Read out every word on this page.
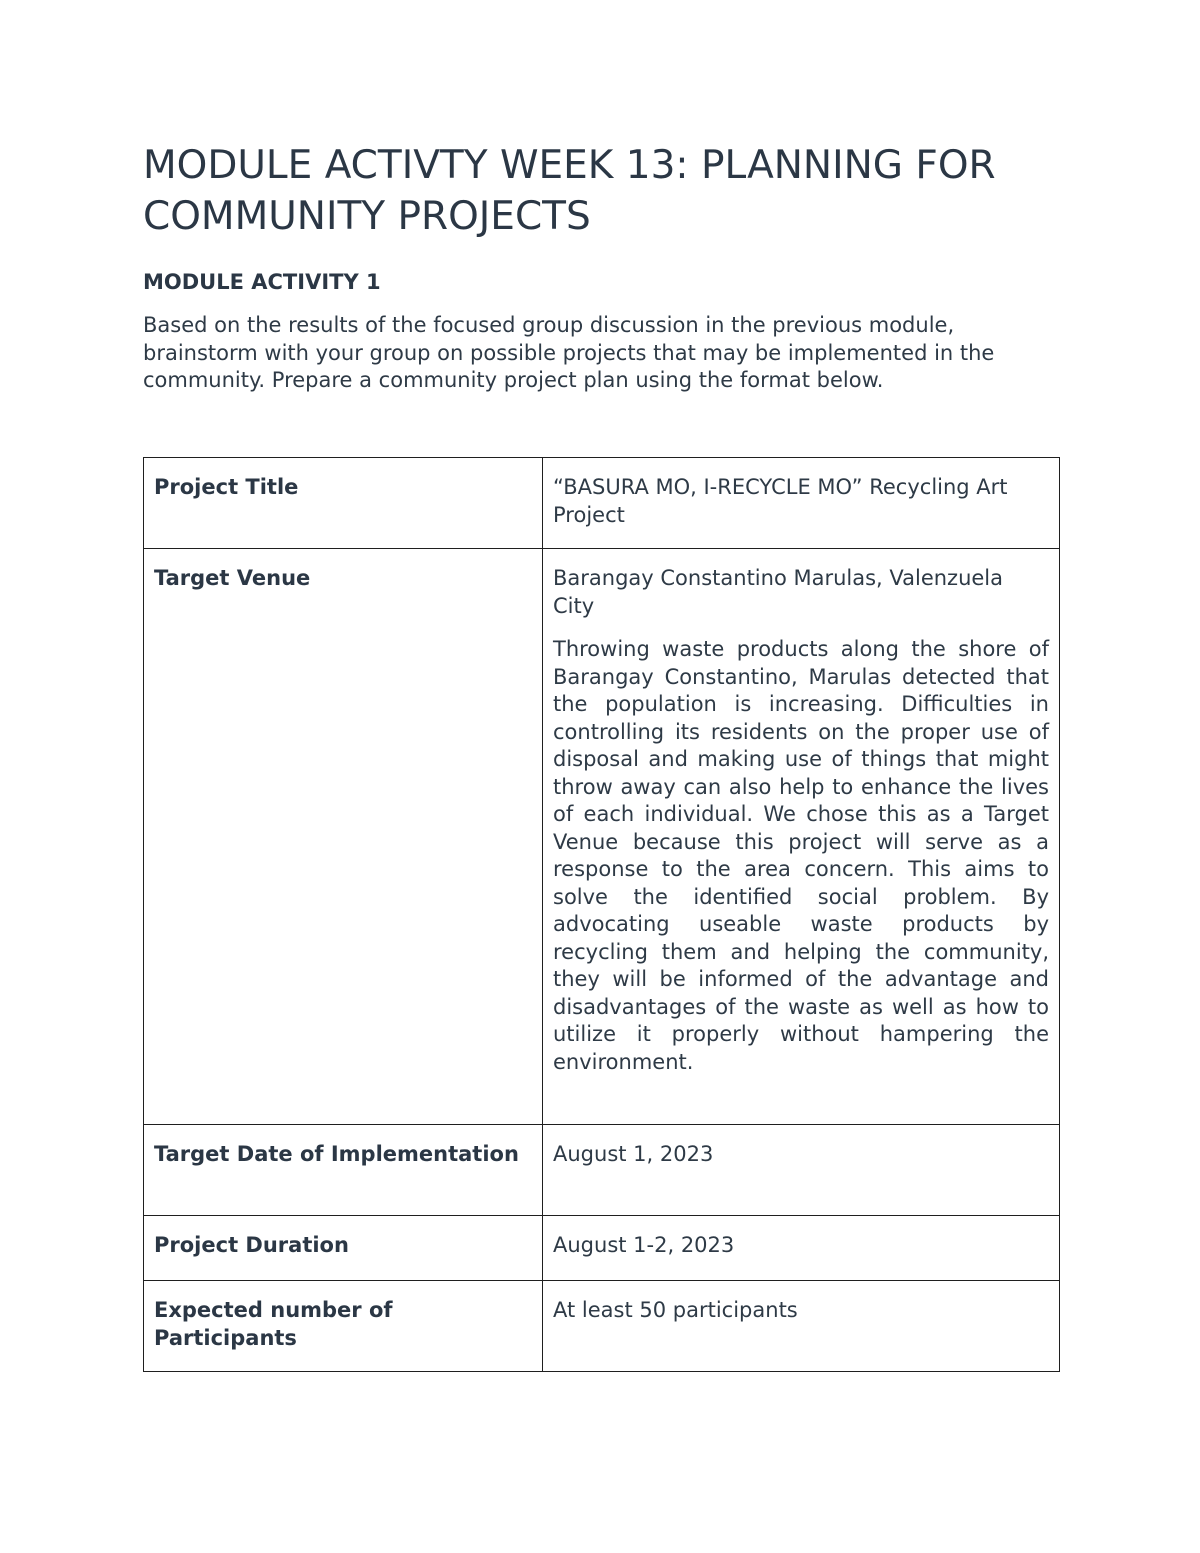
MODULE ACTIVTY WEEK 13: PLANNING FOR COMMUNITY PROJECTS
MODULE ACTIVITY 1

Based on the results of the focused group discussion in the previous module, brainstorm with your group on possible projects that may be implemented in the community. Prepare a community project plan using the format below.

Project Title	“BASURA MO, I-RECYCLE MO” Recycling Art Project
Target Venue	Barangay Constantino Marulas, Valenzuela City

Throwing waste products along the shore of Barangay Constantino, Marulas detected that the population is increasing. Difficulties in controlling its residents on the proper use of disposal and making use of things that might throw away can also help to enhance the lives of each individual. We chose this as a Target Venue because this project will serve as a response to the area concern. This aims to solve the identified social problem. By advocating useable waste products by recycling them and helping the community, they will be informed of the advantage and disadvantages of the waste as well as how to utilize it properly without hampering the environment.

Target Date of Implementation	August 1, 2023
Project Duration	August 1-2, 2023
Expected number of Participants	At least 50 participants
